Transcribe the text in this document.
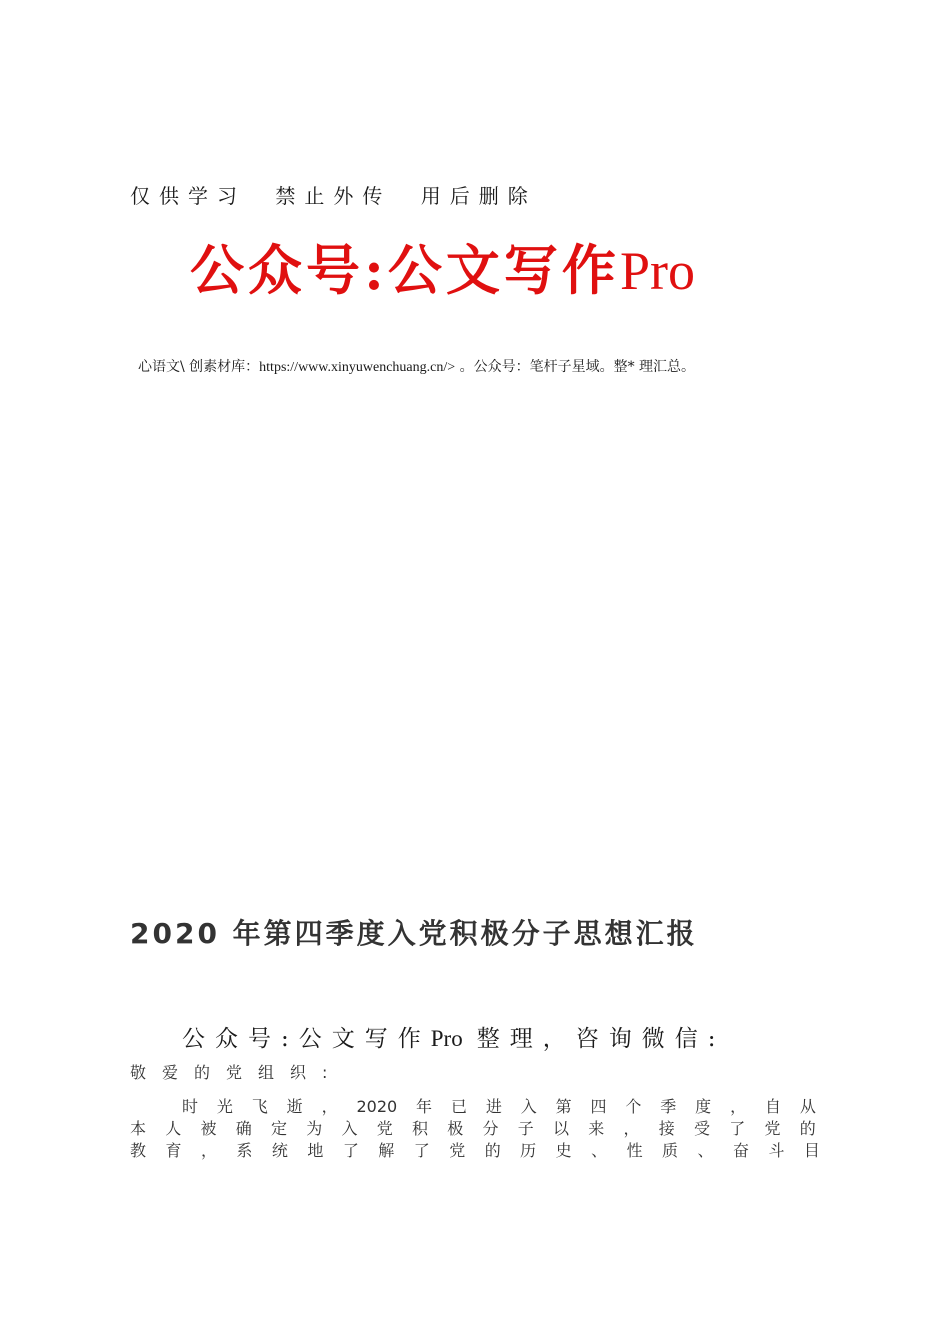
仅供学习 禁止外传 用后删除
公众号:公文写作Pro
心语文\ 创素材库：https://www.xinyuwenchuang.cn/> 。公众号：笔杆子星域。整* 理汇总。
2020 年第四季度入党积极分子思想汇报
公众号:公文写作Pro 整理，咨询微信:
敬爱的党组织:
时 光 飞 逝 ， 2020 年 已 进 入 第 四 个 季 度 ， 自 从
本 人 被 确 定 为 入 党 积 极 分 子 以 来 ， 接 受 了 党 的
教 育 ， 系 统 地 了 解 了 党 的 历 史 、 性 质 、 奋 斗 目
